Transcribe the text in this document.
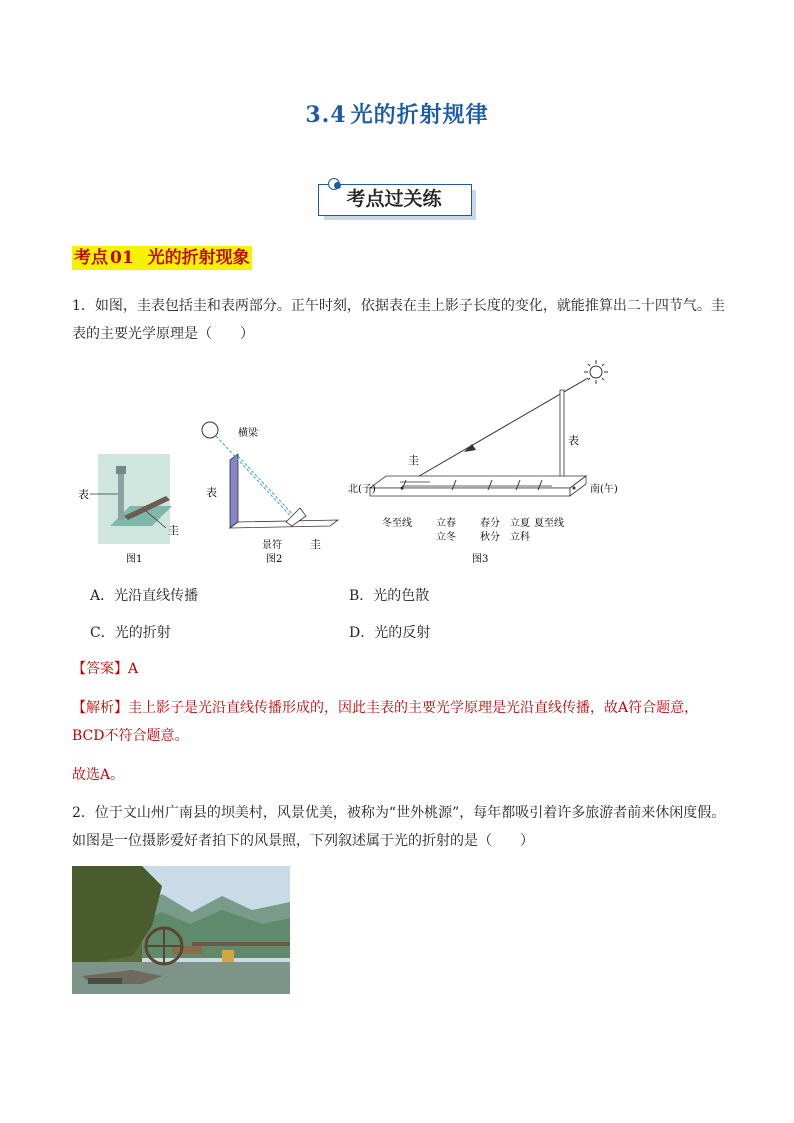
3.4 光的折射规律
考点过关练
考点 01 光的折射现象
1．如图，圭表包括圭和表两部分。正午时刻，依据表在圭上影子长度的变化，就能推算出二十四节气。圭表的主要光学原理是（　　）
表
圭
图1
横梁
表
景符	圭
图2
表
圭
北(子)	南(午)
冬至线 立春
立冬
春分
秋分
立夏
立科
夏至线
图3
A．光沿直线传播	B．光的色散
C．光的折射	D．光的反射
【答案】A
【解析】圭上影子是光沿直线传播形成的，因此圭表的主要光学原理是光沿直线传播，故A符合题意，BCD不符合题意。
故选A。
2．位于文山州广南县的坝美村，风景优美，被称为“世外桃源”，每年都吸引着许多旅游者前来休闲度假。如图是一位摄影爱好者拍下的风景照，下列叙述属于光的折射的是（　　）
